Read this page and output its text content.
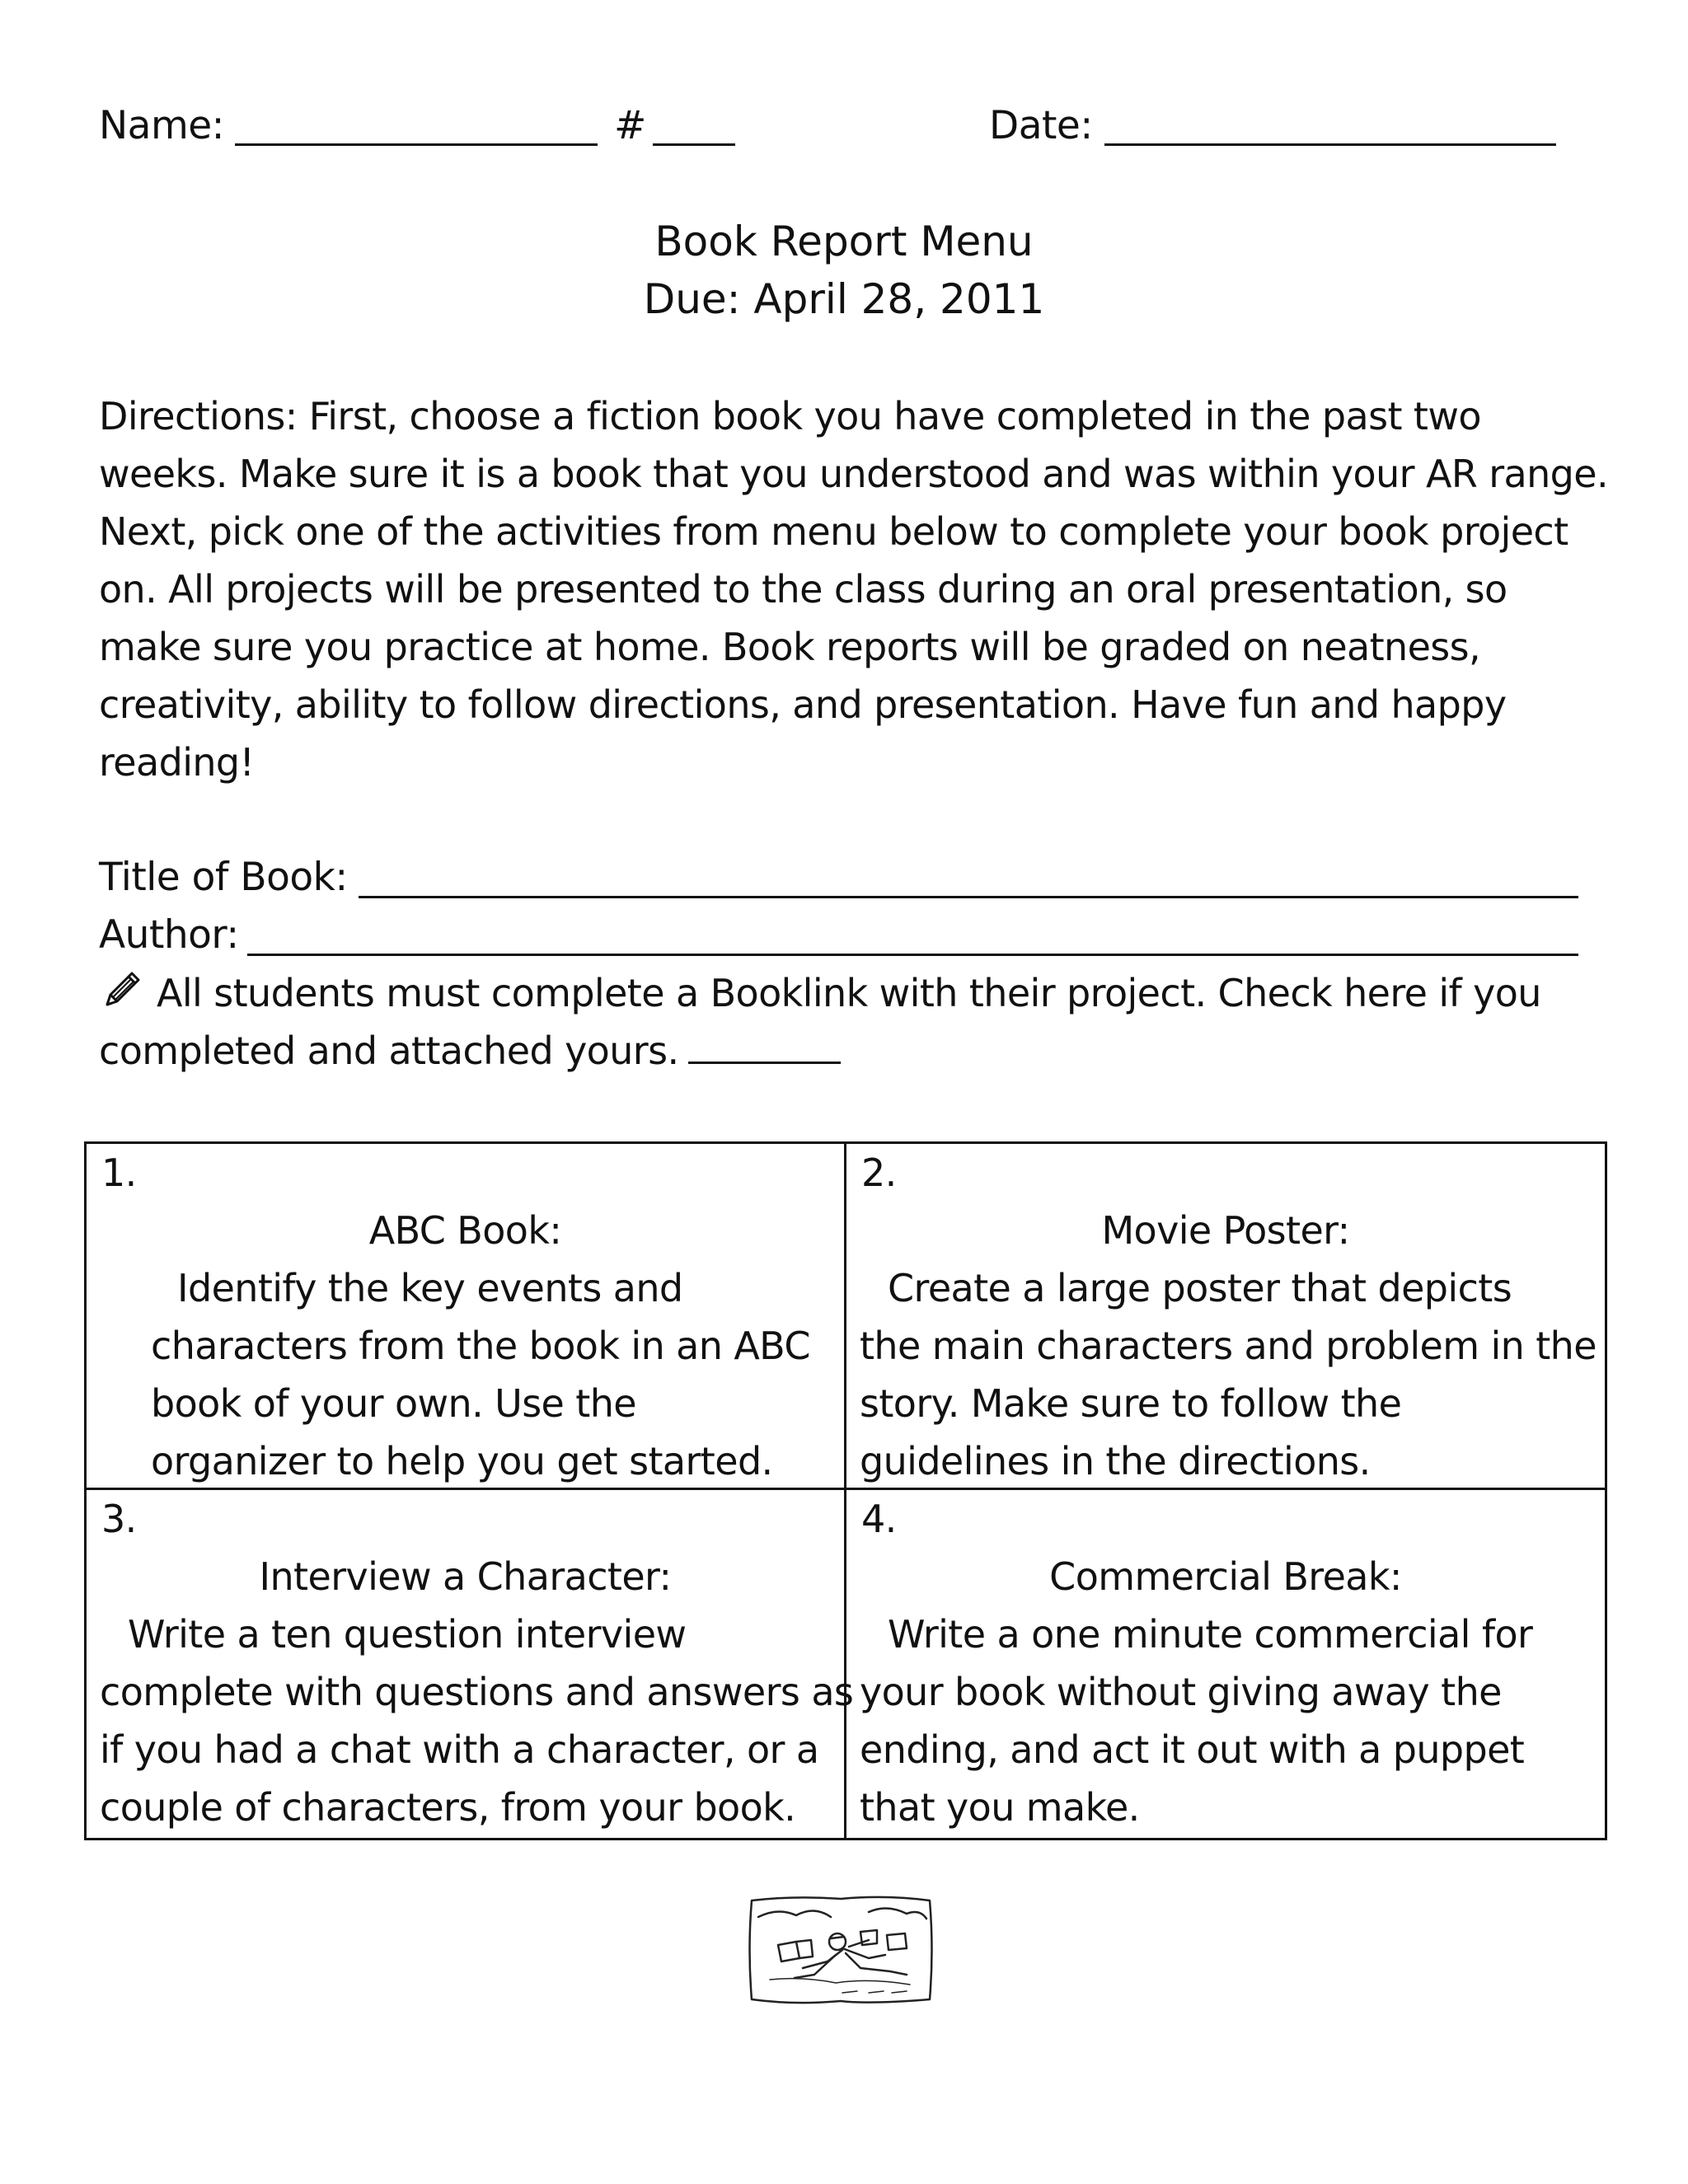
Name:	#	Date:
Book Report Menu
Due: April 28, 2011
Directions: First, choose a fiction book you have completed in the past two
weeks. Make sure it is a book that you understood and was within your AR range.
Next, pick one of the activities from menu below to complete your book project
on. All projects will be presented to the class during an oral presentation, so
make sure you practice at home. Book reports will be graded on neatness,
creativity, ability to follow directions, and presentation. Have fun and happy
reading!
Title of Book:
Author:
All students must complete a Booklink with their project. Check here if you
completed and attached yours.
1.
ABC Book:
Identify the key events and
characters from the book in an ABC
book of your own. Use the
organizer to help you get started.
2.
Movie Poster:
Create a large poster that depicts
the main characters and problem in the
story. Make sure to follow the
guidelines in the directions.
3.
Interview a Character:
Write a ten question interview
complete with questions and answers as
if you had a chat with a character, or a
couple of characters, from your book.
4.
Commercial Break:
Write a one minute commercial for
your book without giving away the
ending, and act it out with a puppet
that you make.
